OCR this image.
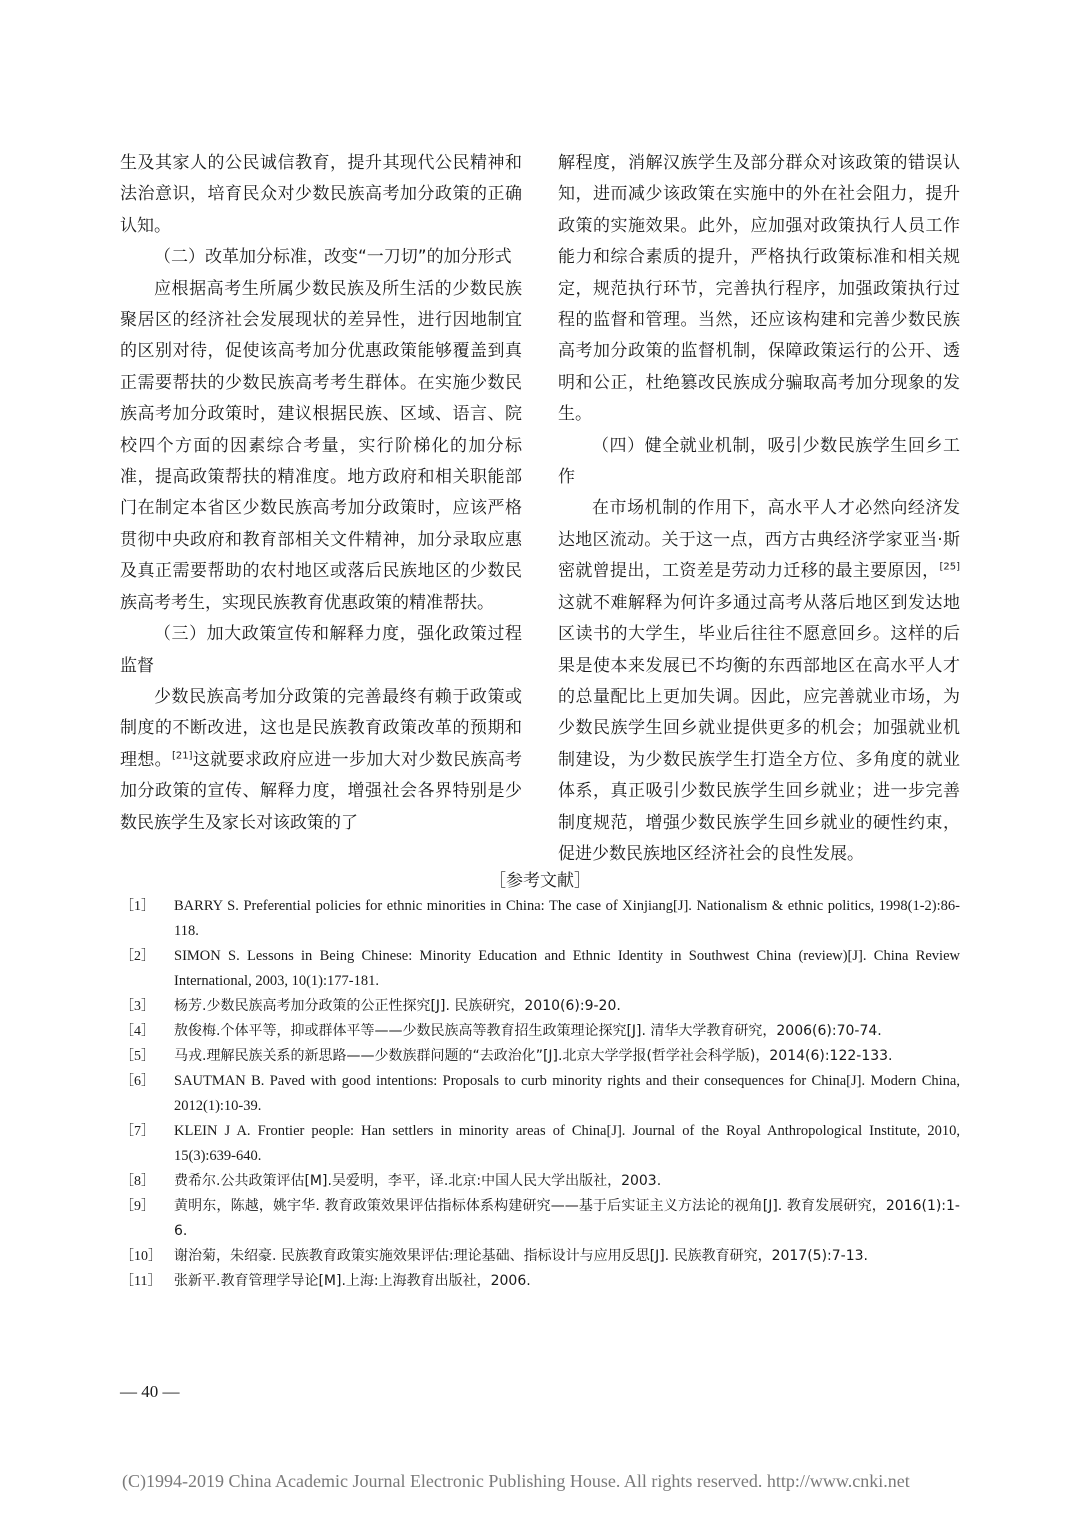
生及其家人的公民诚信教育，提升其现代公民精神和法治意识，培育民众对少数民族高考加分政策的正确认知。

（二）改革加分标准，改变“一刀切”的加分形式

应根据高考生所属少数民族及所生活的少数民族聚居区的经济社会发展现状的差异性，进行因地制宜的区别对待，促使该高考加分优惠政策能够覆盖到真正需要帮扶的少数民族高考考生群体。在实施少数民族高考加分政策时，建议根据民族、区域、语言、院校四个方面的因素综合考量，实行阶梯化的加分标准，提高政策帮扶的精准度。地方政府和相关职能部门在制定本省区少数民族高考加分政策时，应该严格贯彻中央政府和教育部相关文件精神，加分录取应惠及真正需要帮助的农村地区或落后民族地区的少数民族高考考生，实现民族教育优惠政策的精准帮扶。

（三）加大政策宣传和解释力度，强化政策过程监督

少数民族高考加分政策的完善最终有赖于政策或制度的不断改进，这也是民族教育政策改革的预期和理想。[21]这就要求政府应进一步加大对少数民族高考加分政策的宣传、解释力度，增强社会各界特别是少数民族学生及家长对该政策的了

解程度，消解汉族学生及部分群众对该政策的错误认知，进而减少该政策在实施中的外在社会阻力，提升政策的实施效果。此外，应加强对政策执行人员工作能力和综合素质的提升，严格执行政策标准和相关规定，规范执行环节，完善执行程序，加强政策执行过程的监督和管理。当然，还应该构建和完善少数民族高考加分政策的监督机制，保障政策运行的公开、透明和公正，杜绝篡改民族成分骗取高考加分现象的发生。

（四）健全就业机制，吸引少数民族学生回乡工作

在市场机制的作用下，高水平人才必然向经济发达地区流动。关于这一点，西方古典经济学家亚当·斯密就曾提出，工资差是劳动力迁移的最主要原因，[25]这就不难解释为何许多通过高考从落后地区到发达地区读书的大学生，毕业后往往不愿意回乡。这样的后果是使本来发展已不均衡的东西部地区在高水平人才的总量配比上更加失调。因此，应完善就业市场，为少数民族学生回乡就业提供更多的机会；加强就业机制建设，为少数民族学生打造全方位、多角度的就业体系，真正吸引少数民族学生回乡就业；进一步完善制度规范，增强少数民族学生回乡就业的硬性约束，促进少数民族地区经济社会的良性发展。

［参考文献］
［1］	BARRY S. Preferential policies for ethnic minorities in China: The case of Xinjiang[J]. Nationalism & ethnic politics, 1998(1-2):86-118.
［2］	SIMON S. Lessons in Being Chinese: Minority Education and Ethnic Identity in Southwest China (review)[J]. China Review International, 2003, 10(1):177-181.
［3］	杨芳.少数民族高考加分政策的公正性探究[J]. 民族研究，2010(6):9-20.
［4］	敖俊梅.个体平等，抑或群体平等——少数民族高等教育招生政策理论探究[J]. 清华大学教育研究，2006(6):70-74.
［5］	马戎.理解民族关系的新思路——少数族群问题的“去政治化”[J].北京大学学报(哲学社会科学版)，2014(6):122-133.
［6］	SAUTMAN B. Paved with good intentions: Proposals to curb minority rights and their consequences for China[J]. Modern China, 2012(1):10-39.
［7］	KLEIN J A. Frontier people: Han settlers in minority areas of China[J]. Journal of the Royal Anthropological Institute, 2010, 15(3):639-640.
［8］	费希尔.公共政策评估[M].吴爱明，李平，译.北京:中国人民大学出版社，2003.
［9］	黄明东，陈越，姚宇华. 教育政策效果评估指标体系构建研究——基于后实证主义方法论的视角[J]. 教育发展研究，2016(1):1-6.
［10］ 谢治菊，朱绍豪. 民族教育政策实施效果评估:理论基础、指标设计与应用反思[J]. 民族教育研究，2017(5):7-13.
［11］ 张新平.教育管理学导论[M].上海:上海教育出版社，2006.
— 40 —
(C)1994-2019 China Academic Journal Electronic Publishing House. All rights reserved. http://www.cnki.net
